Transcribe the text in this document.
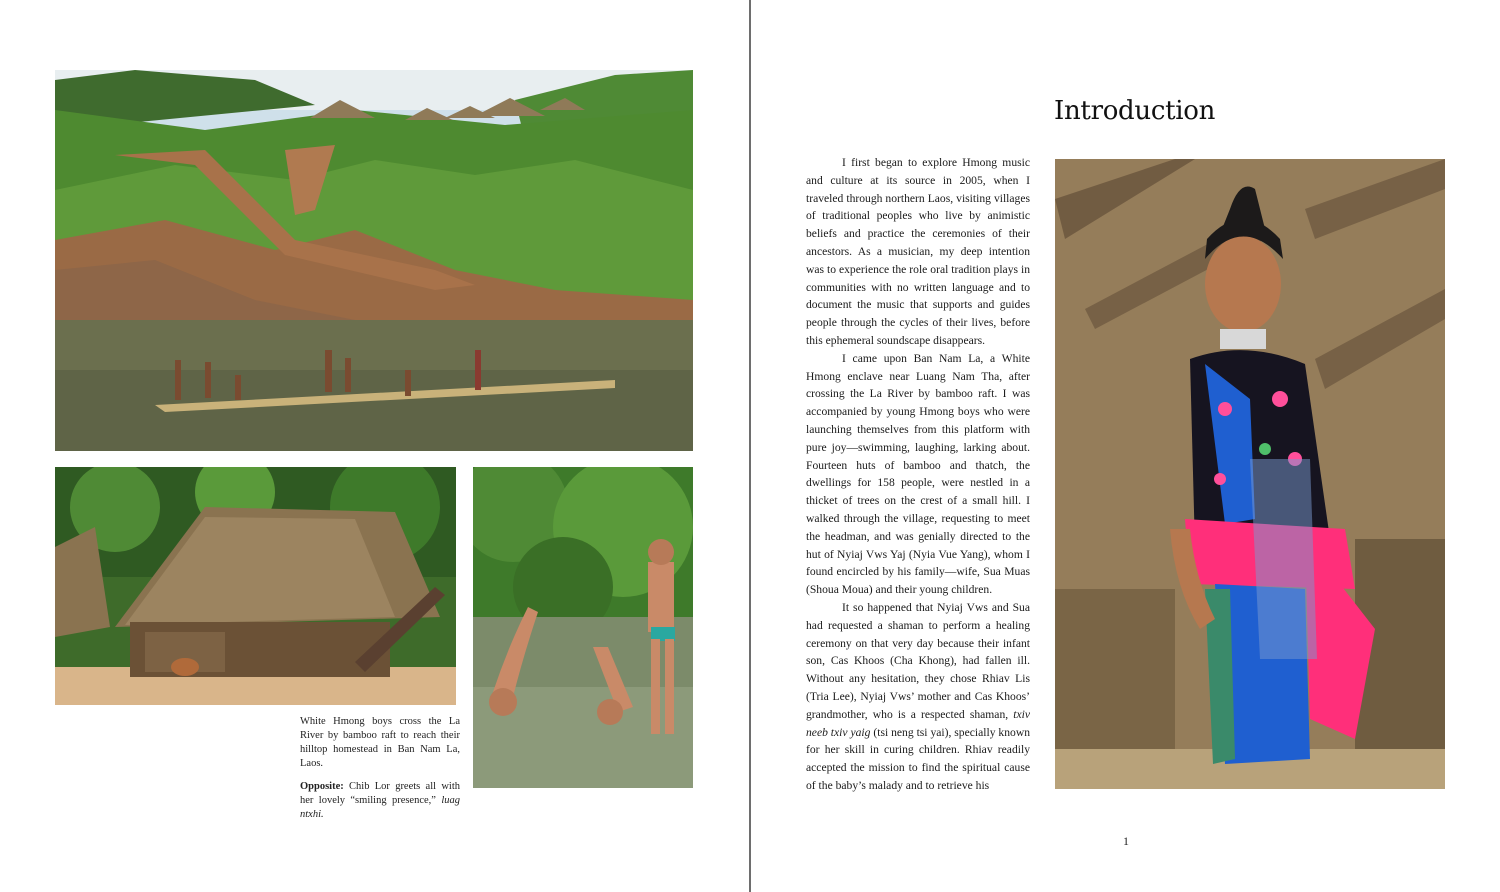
White Hmong boys cross the La River by bamboo raft to reach their hilltop homestead in Ban Nam La, Laos.

Opposite: Chib Lor greets all with her lovely “smiling presence,” luag ntxhi.

Introduction

I first began to explore Hmong music and culture at its source in 2005, when I traveled through northern Laos, visiting villages of traditional peoples who live by animistic beliefs and practice the ceremonies of their ancestors. As a musician, my deep intention was to experience the role oral tradition plays in communities with no written language and to document the music that supports and guides people through the cycles of their lives, before this ephemeral soundscape disappears.

I came upon Ban Nam La, a White Hmong enclave near Luang Nam Tha, after crossing the La River by bamboo raft. I was accompanied by young Hmong boys who were launching themselves from this platform with pure joy—swimming, laughing, larking about. Fourteen huts of bamboo and thatch, the dwellings for 158 people, were nestled in a thicket of trees on the crest of a small hill. I walked through the village, requesting to meet the headman, and was genially directed to the hut of Nyiaj Vws Yaj (Nyia Vue Yang), whom I found encircled by his family—wife, Sua Muas (Shoua Moua) and their young children.

It so happened that Nyiaj Vws and Sua had requested a shaman to perform a healing ceremony on that very day because their infant son, Cas Khoos (Cha Khong), had fallen ill. Without any hesitation, they chose Rhiav Lis (Tria Lee), Nyiaj Vws’ mother and Cas Khoos’ grandmother, who is a respected shaman, txiv neeb txiv yaig (tsi neng tsi yai), specially known for her skill in curing children. Rhiav readily accepted the mission to find the spiritual cause of the baby’s malady and to retrieve his

1
